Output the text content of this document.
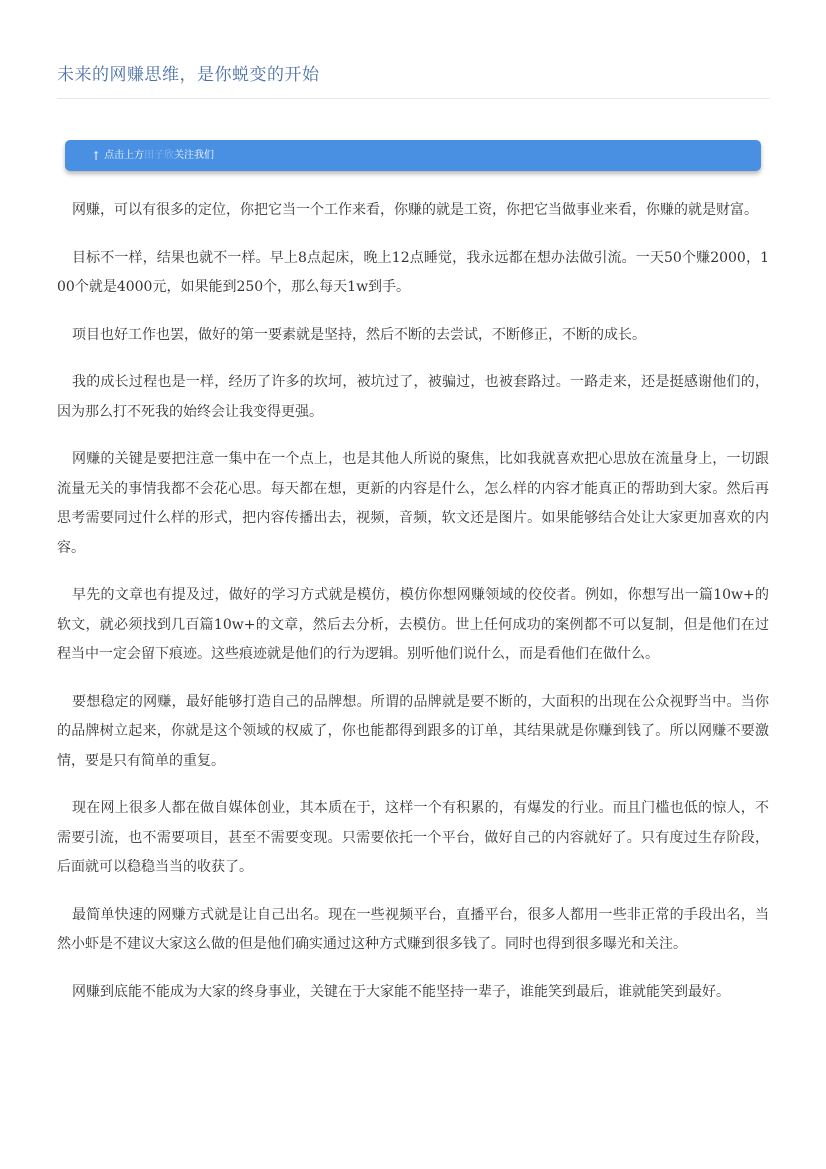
未来的网赚思维，是你蜕变的开始
↑ 点击上方 田子欣 关注我们

网赚，可以有很多的定位，你把它当一个工作来看，你赚的就是工资，你把它当做事业来看，你赚的就是财富。

目标不一样，结果也就不一样。早上8点起床，晚上12点睡觉，我永远都在想办法做引流。一天50个赚2000，100个就是4000元，如果能到250个，那么每天1w到手。

项目也好工作也罢，做好的第一要素就是坚持，然后不断的去尝试，不断修正，不断的成长。

我的成长过程也是一样，经历了许多的坎坷，被坑过了，被骗过，也被套路过。一路走来，还是挺感谢他们的，因为那么打不死我的始终会让我变得更强。

网赚的关键是要把注意一集中在一个点上，也是其他人所说的聚焦，比如我就喜欢把心思放在流量身上，一切跟流量无关的事情我都不会花心思。每天都在想，更新的内容是什么，怎么样的内容才能真正的帮助到大家。然后再思考需要同过什么样的形式，把内容传播出去，视频，音频，软文还是图片。如果能够结合处让大家更加喜欢的内容。

早先的文章也有提及过，做好的学习方式就是模仿，模仿你想网赚领域的佼佼者。例如，你想写出一篇10w+的软文，就必须找到几百篇10w+的文章，然后去分析，去模仿。世上任何成功的案例都不可以复制，但是他们在过程当中一定会留下痕迹。这些痕迹就是他们的行为逻辑。别听他们说什么，而是看他们在做什么。

要想稳定的网赚，最好能够打造自己的品牌想。所谓的品牌就是要不断的，大面积的出现在公众视野当中。当你的品牌树立起来，你就是这个领域的权威了，你也能都得到跟多的订单，其结果就是你赚到钱了。所以网赚不要激情，要是只有简单的重复。

现在网上很多人都在做自媒体创业，其本质在于，这样一个有积累的，有爆发的行业。而且门槛也低的惊人，不需要引流，也不需要项目，甚至不需要变现。只需要依托一个平台，做好自己的内容就好了。只有度过生存阶段，后面就可以稳稳当当的收获了。

最简单快速的网赚方式就是让自己出名。现在一些视频平台，直播平台，很多人都用一些非正常的手段出名，当然小虾是不建议大家这么做的但是他们确实通过这种方式赚到很多钱了。同时也得到很多曝光和关注。

网赚到底能不能成为大家的终身事业，关键在于大家能不能坚持一辈子，谁能笑到最后，谁就能笑到最好。
